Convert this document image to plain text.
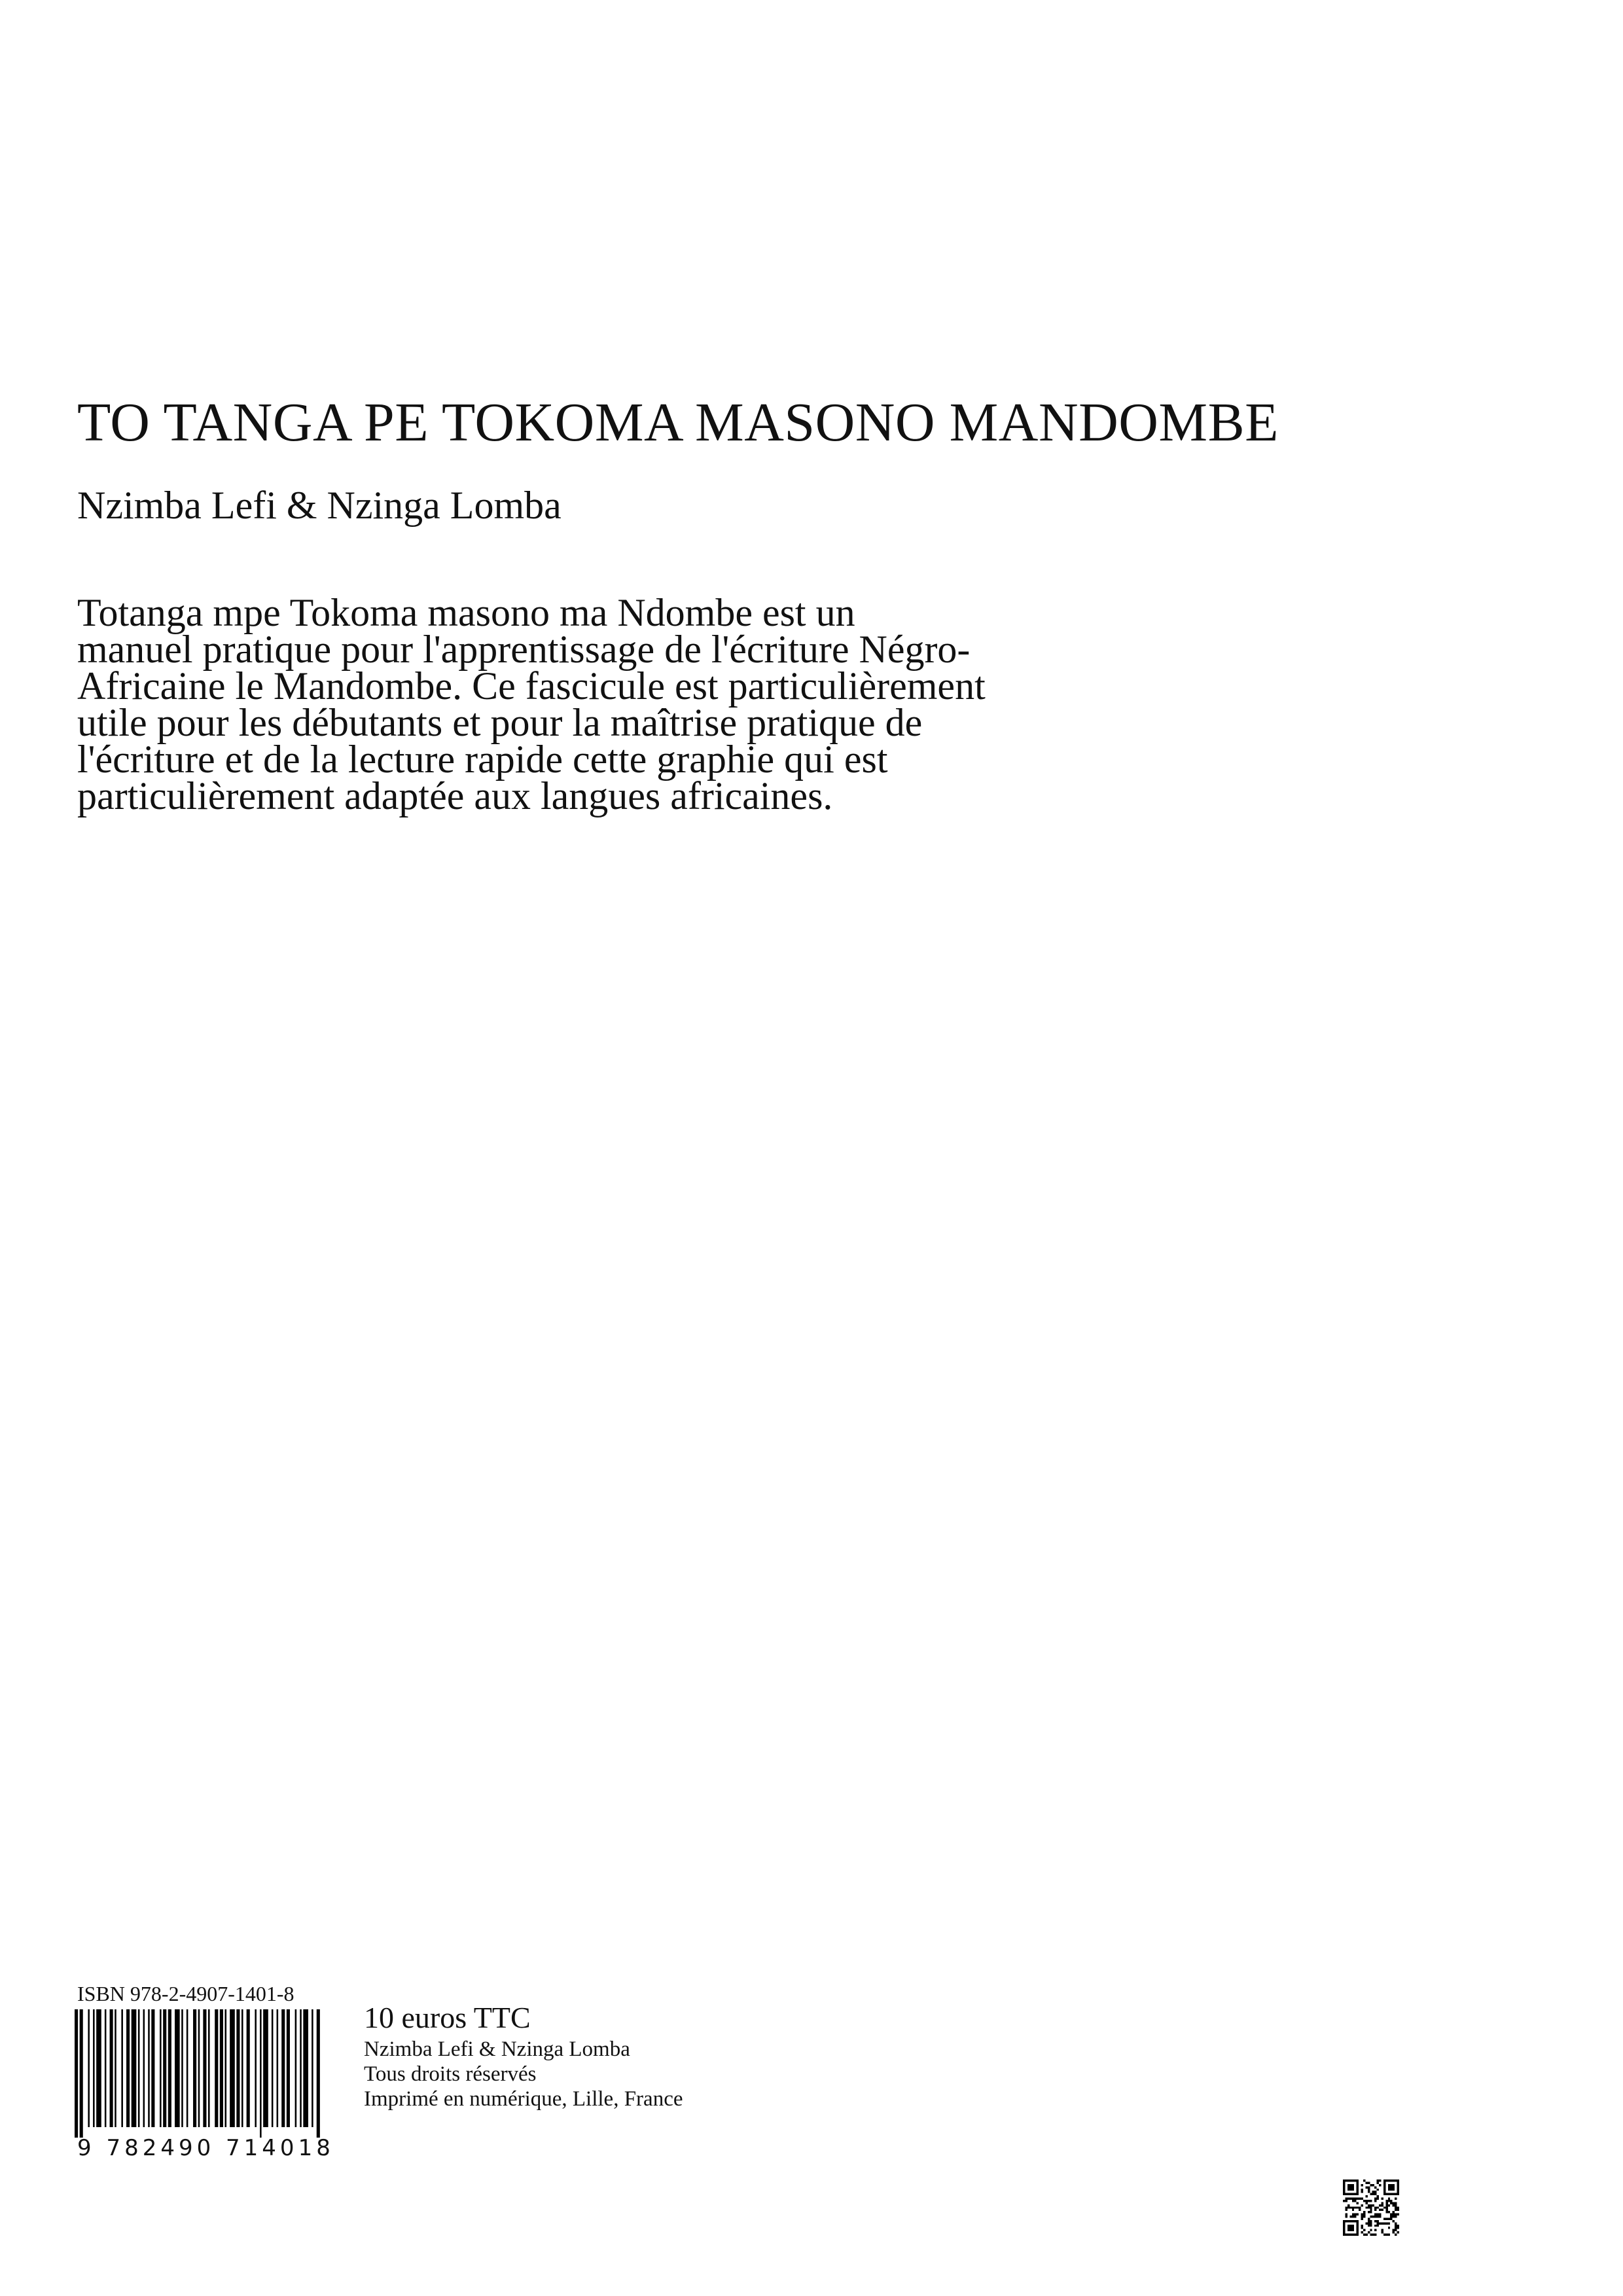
TO TANGA PE TOKOMA MASONO MANDOMBE
Nzimba Lefi & Nzinga Lomba
Totanga mpe Tokoma masono ma Ndombe est un
manuel pratique pour l'apprentissage de l'écriture Négro-
Africaine le Mandombe. Ce fascicule est particulièrement
utile pour les débutants et pour la maîtrise pratique de
l'écriture et de la lecture rapide cette graphie qui est
particulièrement adaptée aux langues africaines.
ISBN 978-2-4907-1401-8
9 782490 714018
10 euros TTC
Nzimba Lefi & Nzinga Lomba
Tous droits réservés
Imprimé en numérique, Lille, France
